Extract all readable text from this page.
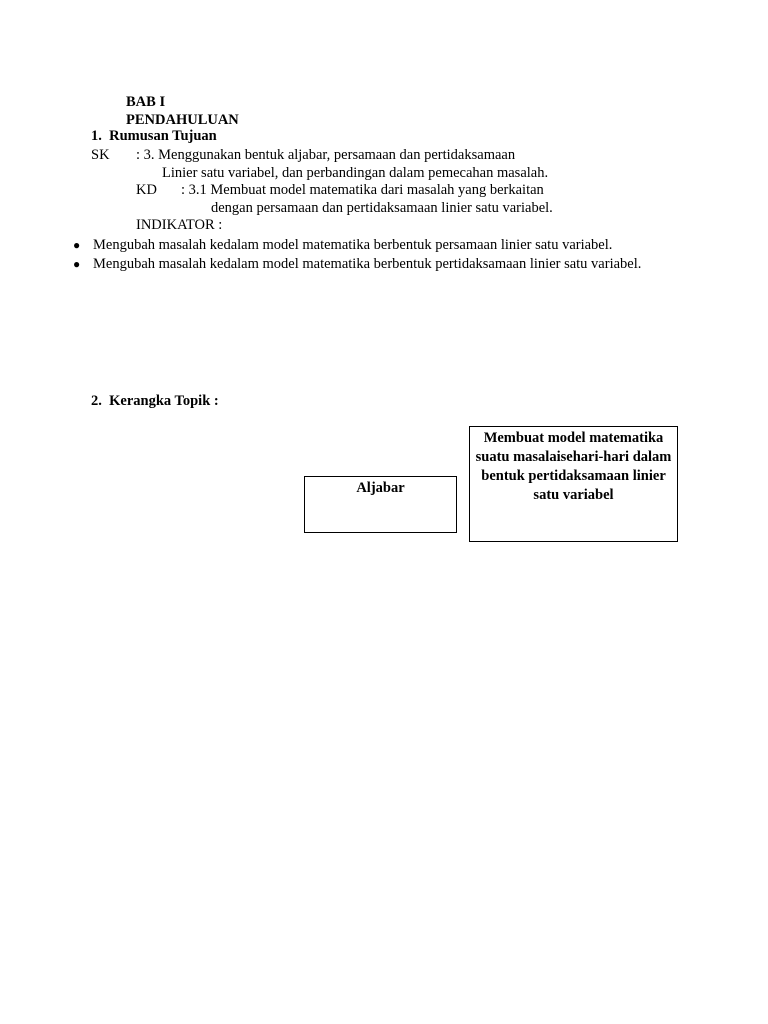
BAB I
PENDAHULUAN
1. Rumusan Tujuan
SK : 3. Menggunakan bentuk aljabar, persamaan dan pertidaksamaan
Linier satu variabel, dan perbandingan dalam pemecahan masalah.
KD : 3.1 Membuat model matematika dari masalah yang berkaitan
dengan persamaan dan pertidaksamaan linier satu variabel.
INDIKATOR :
● Mengubah masalah kedalam model matematika berbentuk persamaan linier satu variabel.
● Mengubah masalah kedalam model matematika berbentuk pertidaksamaan linier satu variabel.
2. Kerangka Topik :
Aljabar
Membuat model matematika
suatu masalaisehari-hari dalam
bentuk pertidaksamaan linier
satu variabel
